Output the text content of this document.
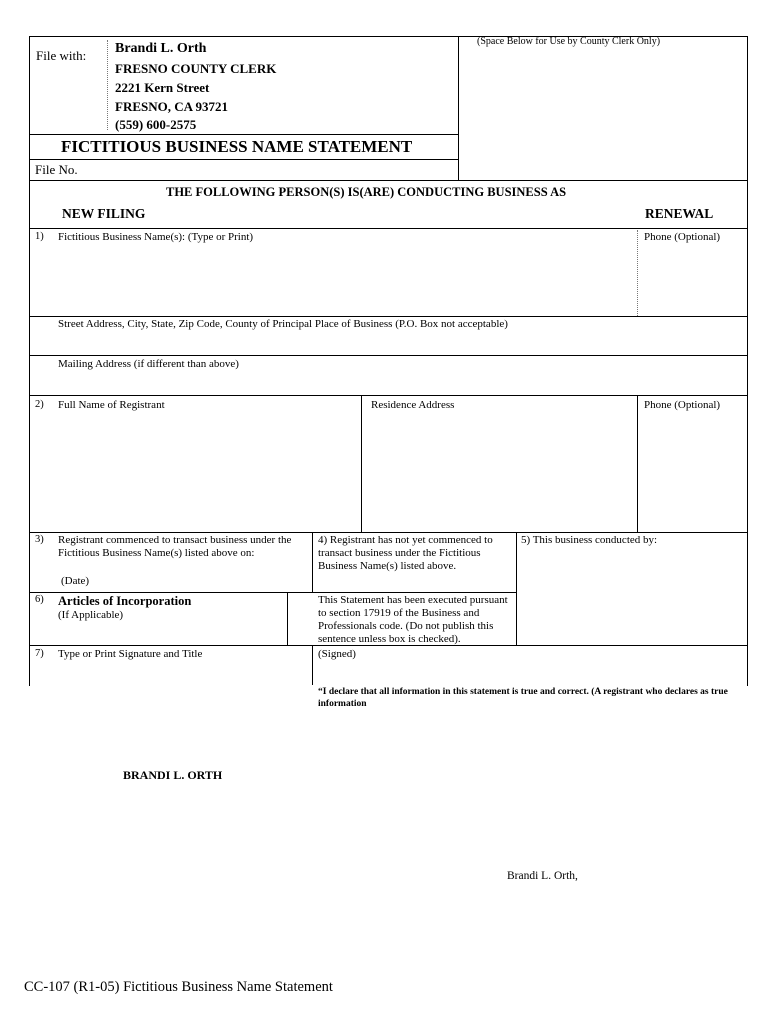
File with: Brandi L. Orth
FRESNO COUNTY CLERK
2221 Kern Street
FRESNO, CA 93721
(559) 600-2575
(Space Below for Use by County Clerk Only)
FICTITIOUS BUSINESS NAME STATEMENT
File No.
THE FOLLOWING PERSON(S) IS(ARE) CONDUCTING BUSINESS AS
NEW FILING	RENEWAL
1) Fictitious Business Name(s): (Type or Print)	Phone (Optional)
Street Address, City, State, Zip Code, County of Principal Place of Business (P.O. Box not acceptable)
Mailing Address (if different than above)
2) Full Name of Registrant	Residence Address	Phone (Optional)
3) Registrant commenced to transact business under the Fictitious Business Name(s) listed above on:
(Date)
4) Registrant has not yet commenced to transact business under the Fictitious Business Name(s) listed above.
5) This business conducted by:
6) Articles of Incorporation
(If Applicable)
This Statement has been executed pursuant to section 17919 of the Business and Professionals code. (Do not publish this sentence unless box is checked).
7) Type or Print Signature and Title	(Signed)
“I declare that all information in this statement is true and correct. (A registrant who declares as true information
BRANDI L. ORTH
Brandi L. Orth,
CC-107 (R1-05) Fictitious Business Name Statement
